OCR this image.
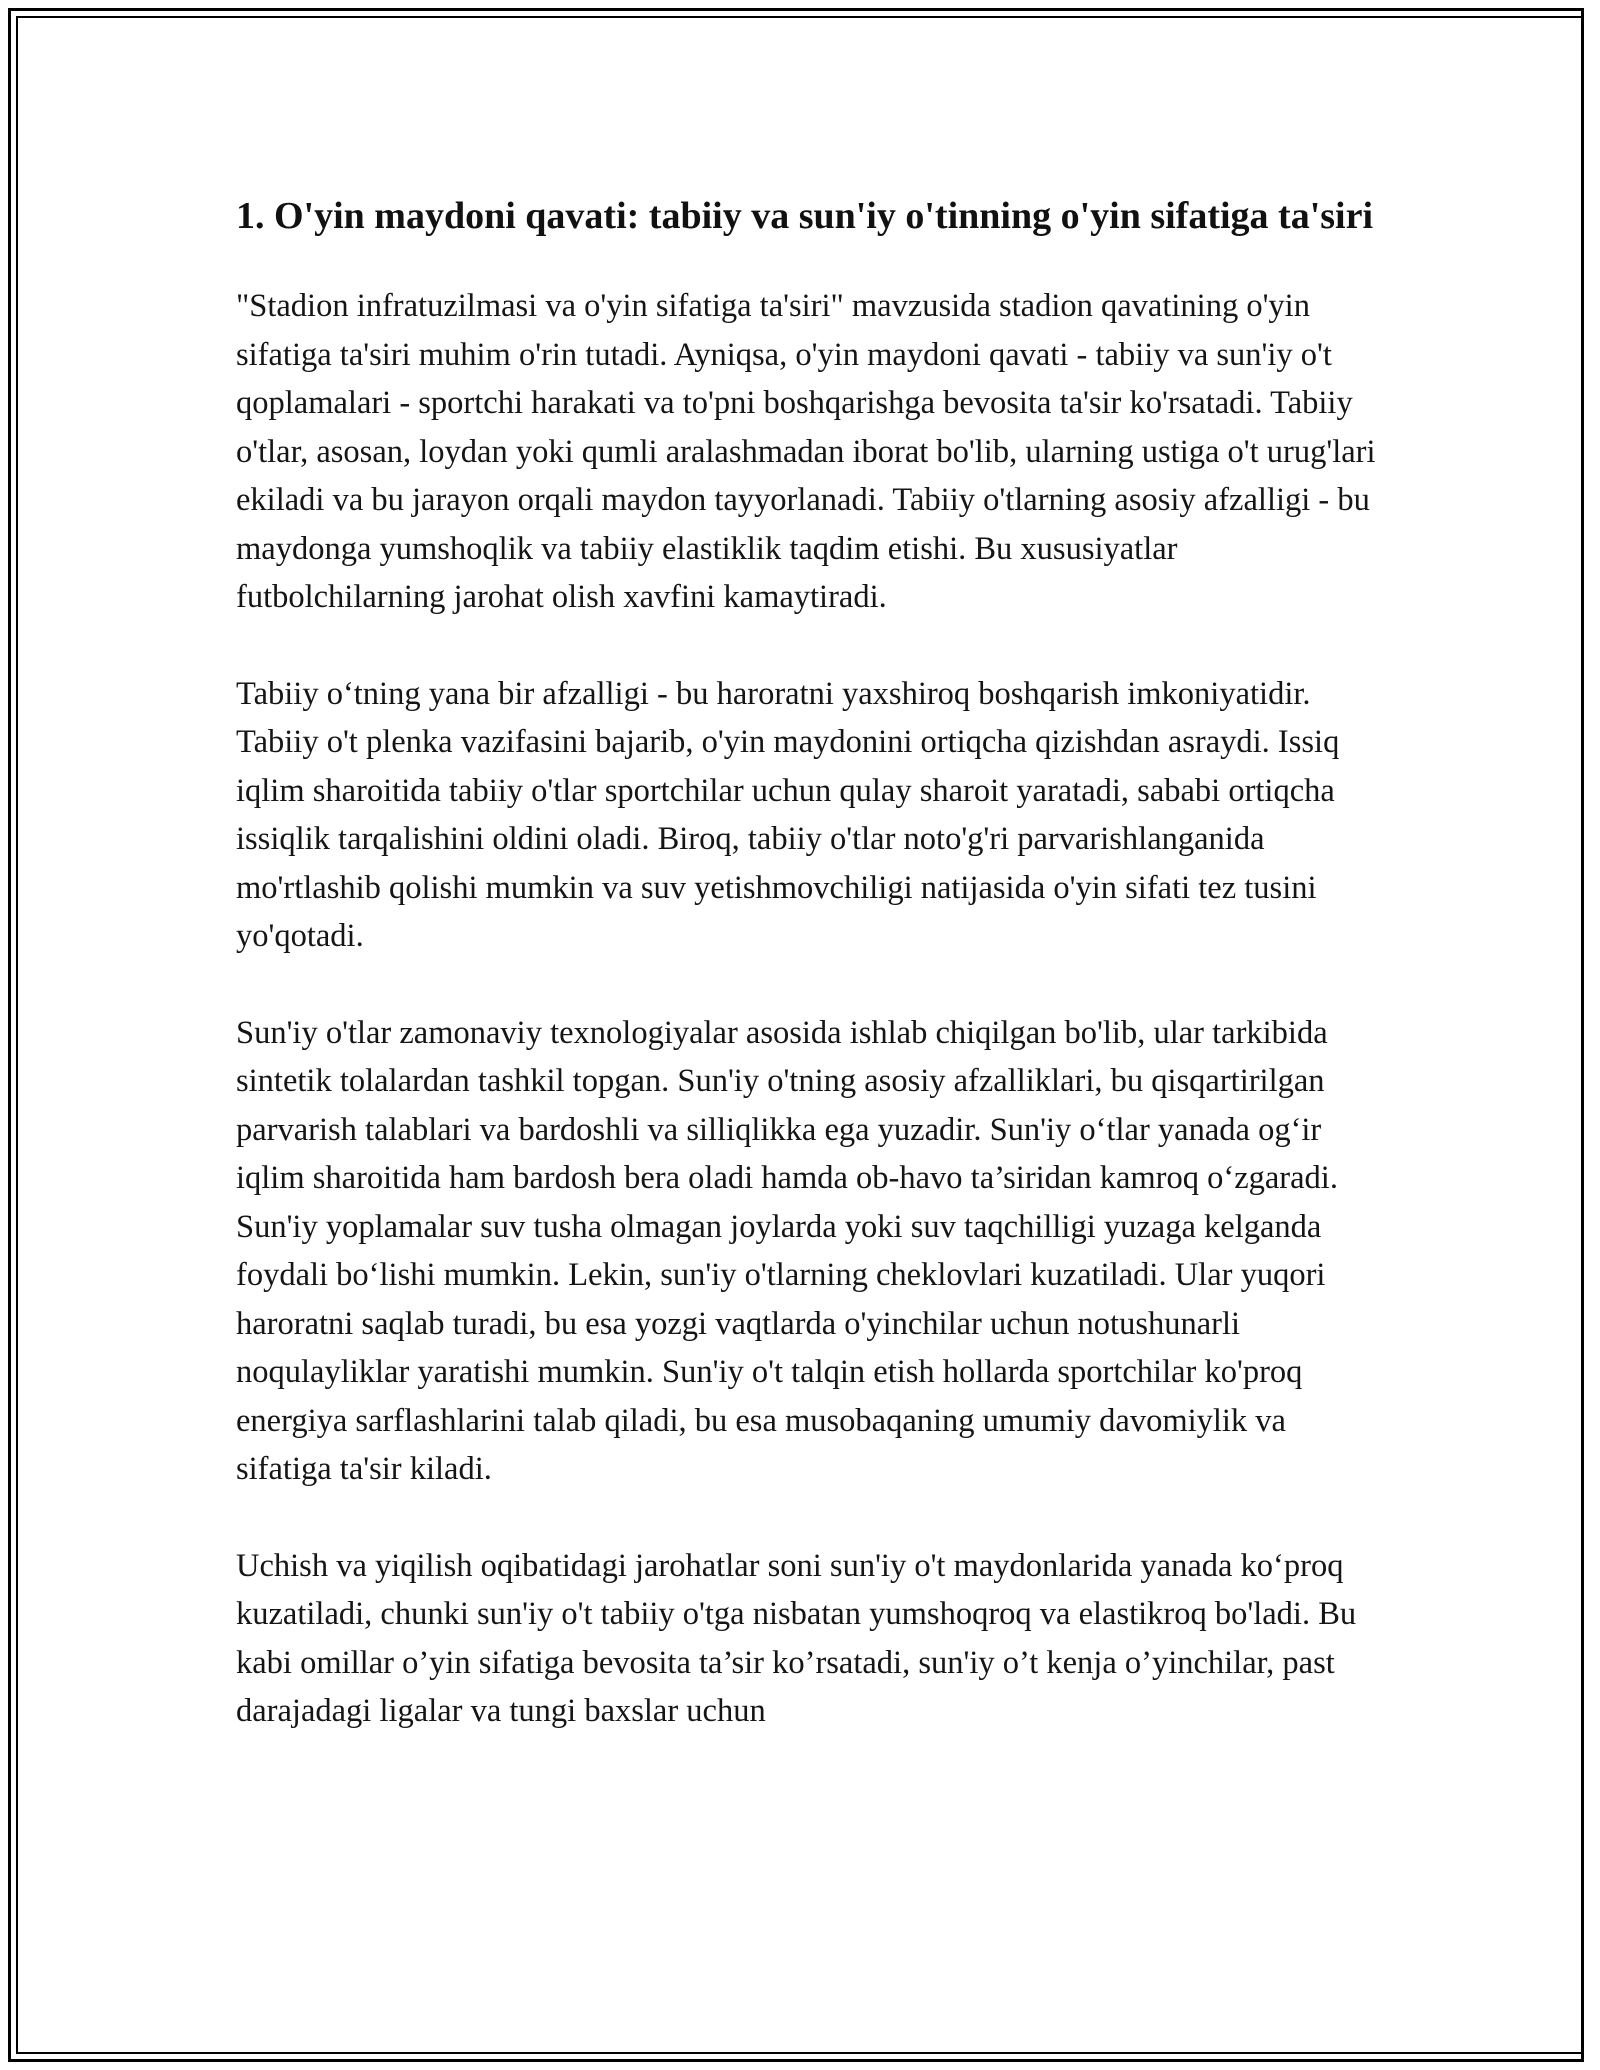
1. O'yin maydoni qavati: tabiiy va sun'iy o'tinning o'yin sifatiga ta'siri

"Stadion infratuzilmasi va o'yin sifatiga ta'siri" mavzusida stadion qavatining o'yin sifatiga ta'siri muhim o'rin tutadi. Ayniqsa, o'yin maydoni qavati - tabiiy va sun'iy o't qoplamalari - sportchi harakati va to'pni boshqarishga bevosita ta'sir ko'rsatadi. Tabiiy o'tlar, asosan, loydan yoki qumli aralashmadan iborat bo'lib, ularning ustiga o't urug'lari ekiladi va bu jarayon orqali maydon tayyorlanadi. Tabiiy o'tlarning asosiy afzalligi - bu maydonga yumshoqlik va tabiiy elastiklik taqdim etishi. Bu xususiyatlar futbolchilarning jarohat olish xavfini kamaytiradi.

Tabiiy o‘tning yana bir afzalligi - bu haroratni yaxshiroq boshqarish imkoniyatidir. Tabiiy o't plenka vazifasini bajarib, o'yin maydonini ortiqcha qizishdan asraydi. Issiq iqlim sharoitida tabiiy o'tlar sportchilar uchun qulay sharoit yaratadi, sababi ortiqcha issiqlik tarqalishini oldini oladi. Biroq, tabiiy o'tlar noto'g'ri parvarishlanganida mo'rtlashib qolishi mumkin va suv yetishmovchiligi natijasida o'yin sifati tez tusini yo'qotadi.

Sun'iy o'tlar zamonaviy texnologiyalar asosida ishlab chiqilgan bo'lib, ular tarkibida sintetik tolalardan tashkil topgan. Sun'iy o'tning asosiy afzalliklari, bu qisqartirilgan parvarish talablari va bardoshli va silliqlikka ega yuzadir. Sun'iy o‘tlar yanada og‘ir iqlim sharoitida ham bardosh bera oladi hamda ob-havo ta’siridan kamroq o‘zgaradi. Sun'iy yoplamalar suv tusha olmagan joylarda yoki suv taqchilligi yuzaga kelganda foydali bo‘lishi mumkin. Lekin, sun'iy o'tlarning cheklovlari kuzatiladi. Ular yuqori haroratni saqlab turadi, bu esa yozgi vaqtlarda o'yinchilar uchun notushunarli noqulayliklar yaratishi mumkin. Sun'iy o't talqin etish hollarda sportchilar ko'proq energiya sarflashlarini talab qiladi, bu esa musobaqaning umumiy davomiylik va sifatiga ta'sir kiladi.

Uchish va yiqilish oqibatidagi jarohatlar soni sun'iy o't maydonlarida yanada ko‘proq kuzatiladi, chunki sun'iy o't tabiiy o'tga nisbatan yumshoqroq va elastikroq bo'ladi. Bu kabi omillar o’yin sifatiga bevosita ta’sir ko’rsatadi, sun'iy o’t kenja o’yinchilar, past darajadagi ligalar va tungi baxslar uchun
